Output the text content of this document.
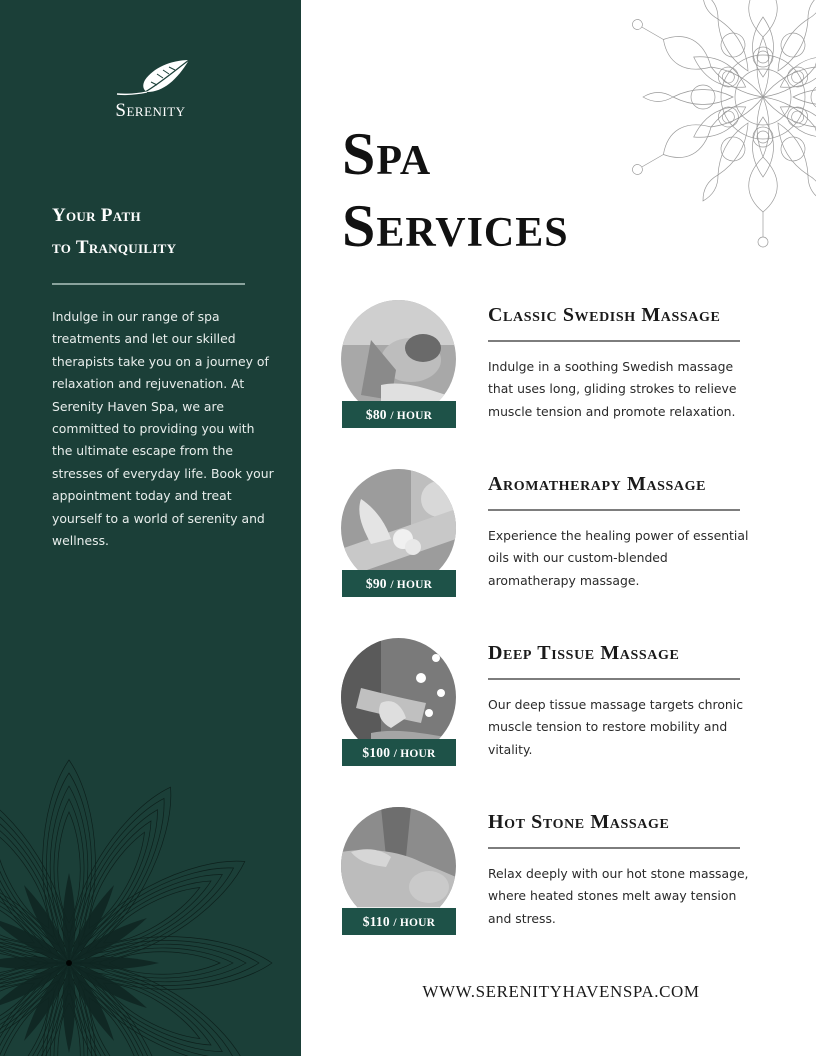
Serenity
Your Path
to Tranquility

Indulge in our range of spa treatments and let our skilled therapists take you on a journey of relaxation and rejuvenation. At Serenity Haven Spa, we are committed to providing you with the ultimate escape from the stresses of everyday life. Book your appointment today and treat yourself to a world of serenity and wellness.

Spa
Services
$80 / HOUR
Classic Swedish Massage

Indulge in a soothing Swedish massage that uses long, gliding strokes to relieve muscle tension and promote relaxation.

$90 / HOUR
Aromatherapy Massage

Experience the healing power of essential oils with our custom-blended aromatherapy massage.

$100 / HOUR
Deep Tissue Massage

Our deep tissue massage targets chronic muscle tension to restore mobility and vitality.

$110 / HOUR
Hot Stone Massage

Relax deeply with our hot stone massage, where heated stones melt away tension and stress.

WWW.SERENITYHAVENSPA.COM
